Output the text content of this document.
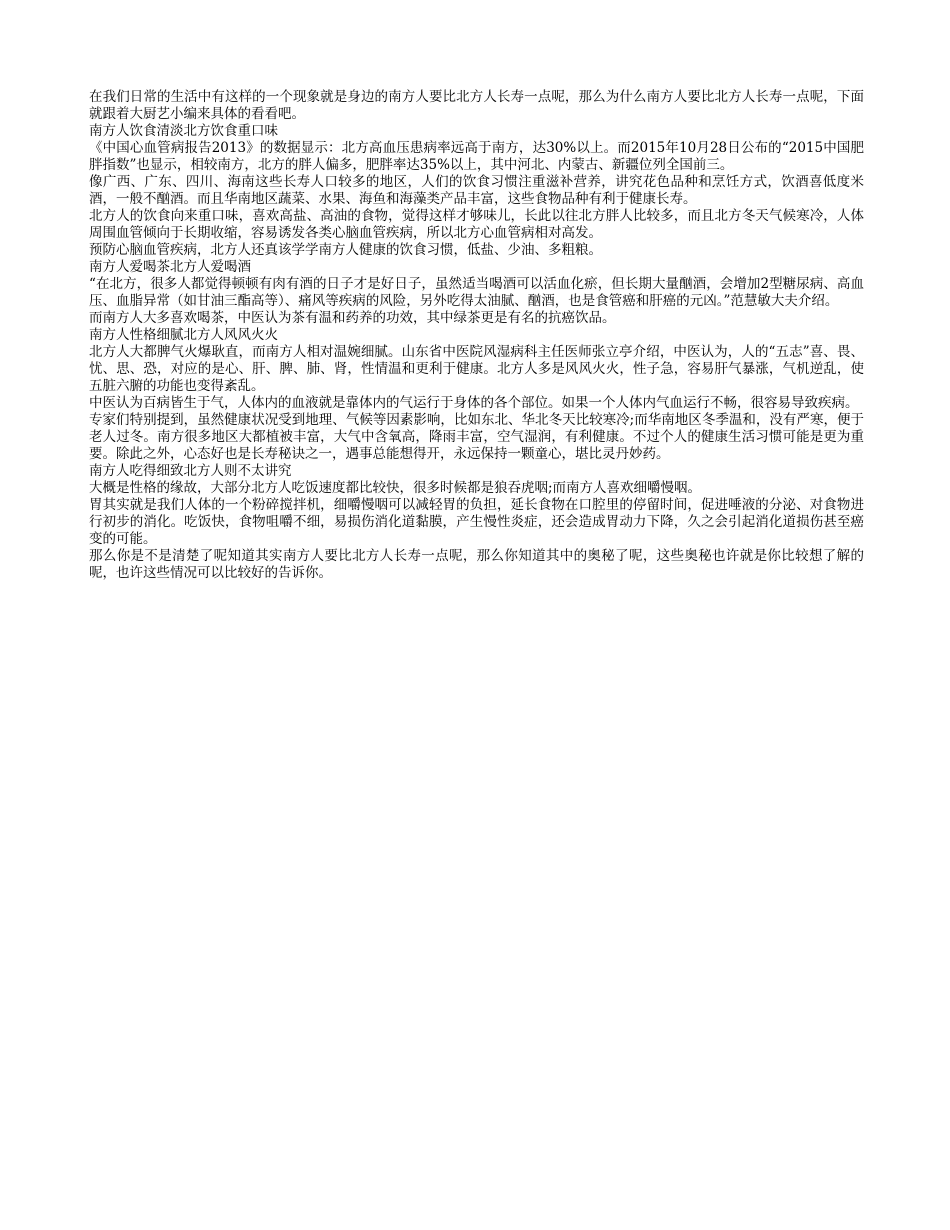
在我们日常的生活中有这样的一个现象就是身边的南方人要比北方人长寿一点呢，那么为什么南方人要比北方人长寿一点呢，下面就跟着大厨艺小编来具体的看看吧。

南方人饮食清淡北方饮食重口味

《中国心血管病报告2013》的数据显示：北方高血压患病率远高于南方，达30%以上。而2015年10月28日公布的“2015中国肥胖指数”也显示，相较南方，北方的胖人偏多，肥胖率达35%以上，其中河北、内蒙古、新疆位列全国前三。

像广西、广东、四川、海南这些长寿人口较多的地区，人们的饮食习惯注重滋补营养，讲究花色品种和烹饪方式，饮酒喜低度米酒，一般不酗酒。而且华南地区蔬菜、水果、海鱼和海藻类产品丰富，这些食物品种有利于健康长寿。

北方人的饮食向来重口味，喜欢高盐、高油的食物，觉得这样才够味儿，长此以往北方胖人比较多，而且北方冬天气候寒冷，人体周围血管倾向于长期收缩，容易诱发各类心脑血管疾病，所以北方心血管病相对高发。

预防心脑血管疾病，北方人还真该学学南方人健康的饮食习惯，低盐、少油、多粗粮。

南方人爱喝茶北方人爱喝酒

“在北方，很多人都觉得顿顿有肉有酒的日子才是好日子，虽然适当喝酒可以活血化瘀，但长期大量酗酒，会增加2型糖尿病、高血压、血脂异常（如甘油三酯高等）、痛风等疾病的风险，另外吃得太油腻、酗酒，也是食管癌和肝癌的元凶。”范慧敏大夫介绍。

而南方人大多喜欢喝茶，中医认为茶有温和药养的功效，其中绿茶更是有名的抗癌饮品。

南方人性格细腻北方人风风火火

北方人大都脾气火爆耿直，而南方人相对温婉细腻。山东省中医院风湿病科主任医师张立亭介绍，中医认为，人的“五志”喜、畏、忧、思、恐，对应的是心、肝、脾、肺、肾，性情温和更利于健康。北方人多是风风火火，性子急，容易肝气暴涨，气机逆乱，使五脏六腑的功能也变得紊乱。

中医认为百病皆生于气，人体内的血液就是靠体内的气运行于身体的各个部位。如果一个人体内气血运行不畅，很容易导致疾病。

专家们特别提到，虽然健康状况受到地理、气候等因素影响，比如东北、华北冬天比较寒冷;而华南地区冬季温和，没有严寒，便于老人过冬。南方很多地区大都植被丰富，大气中含氧高，降雨丰富，空气湿润，有利健康。不过个人的健康生活习惯可能是更为重要。除此之外，心态好也是长寿秘诀之一，遇事总能想得开，永远保持一颗童心，堪比灵丹妙药。

南方人吃得细致北方人则不太讲究

大概是性格的缘故，大部分北方人吃饭速度都比较快，很多时候都是狼吞虎咽;而南方人喜欢细嚼慢咽。

胃其实就是我们人体的一个粉碎搅拌机，细嚼慢咽可以减轻胃的负担，延长食物在口腔里的停留时间，促进唾液的分泌、对食物进行初步的消化。吃饭快，食物咀嚼不细，易损伤消化道黏膜，产生慢性炎症，还会造成胃动力下降，久之会引起消化道损伤甚至癌变的可能。

那么你是不是清楚了呢知道其实南方人要比北方人长寿一点呢，那么你知道其中的奥秘了呢，这些奥秘也许就是你比较想了解的呢，也许这些情况可以比较好的告诉你。
